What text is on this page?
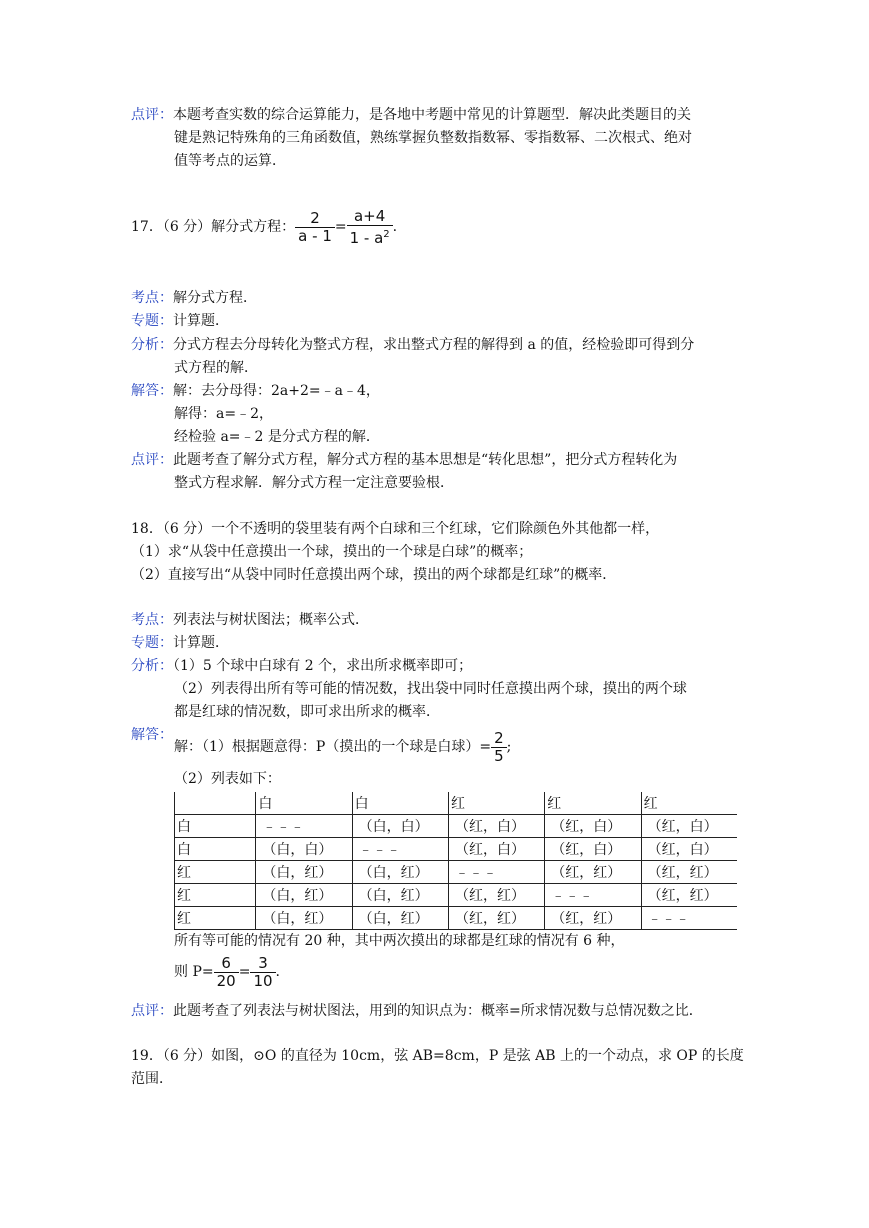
点评：本题考查实数的综合运算能力，是各地中考题中常见的计算题型．解决此类题目的关
键是熟记特殊角的三角函数值，熟练掌握负整数指数幂、零指数幂、二次根式、绝对
值等考点的运算．
17．（6 分）解分式方程： $\frac{2}{a - 1} = \frac{a+4}{1 - a^2}$ .
考点：解分式方程．
专题：计算题．
分析：分式方程去分母转化为整式方程，求出整式方程的解得到 a 的值，经检验即可得到分
式方程的解．
解答：解：去分母得：2a+2=﹣a﹣4，
解得：a=﹣2，
经检验 a=﹣2 是分式方程的解．
点评：此题考查了解分式方程，解分式方程的基本思想是“转化思想”，把分式方程转化为
整式方程求解．解分式方程一定注意要验根．
18．（6 分）一个不透明的袋里装有两个白球和三个红球，它们除颜色外其他都一样，
（1）求“从袋中任意摸出一个球，摸出的一个球是白球”的概率；
（2）直接写出“从袋中同时任意摸出两个球，摸出的两个球都是红球”的概率．
考点：列表法与树状图法；概率公式．
专题：计算题．
分析：（1）5 个球中白球有 2 个，求出所求概率即可；
（2）列表得出所有等可能的情况数，找出袋中同时任意摸出两个球，摸出的两个球
都是红球的情况数，即可求出所求的概率．
解答：
解：（1）根据题意得：P（摸出的一个球是白球）= $\frac{2}{5}$ ;
（2）列表如下：
	白	白	红	红	红
白	﹣﹣﹣	（白，白）	（红，白）	（红，白）	（红，白）
白	（白，白）	﹣﹣﹣	（红，白）	（红，白）	（红，白）
红	（白，红）	（白，红）	﹣﹣﹣	（红，红）	（红，红）
红	（白，红）	（白，红）	（红，红）	﹣﹣﹣	（红，红）
红	（白，红）	（白，红）	（红，红）	（红，红）	﹣﹣﹣
所有等可能的情况有 20 种，其中两次摸出的球都是红球的情况有 6 种，
则 $P= \frac{6}{20} = \frac{3}{10}$ .
点评：此题考查了列表法与树状图法，用到的知识点为：概率=所求情况数与总情况数之比．
19．（6 分）如图，⊙O 的直径为 10cm，弦 AB=8cm，P 是弦 AB 上的一个动点，求 OP 的长度
范围．
